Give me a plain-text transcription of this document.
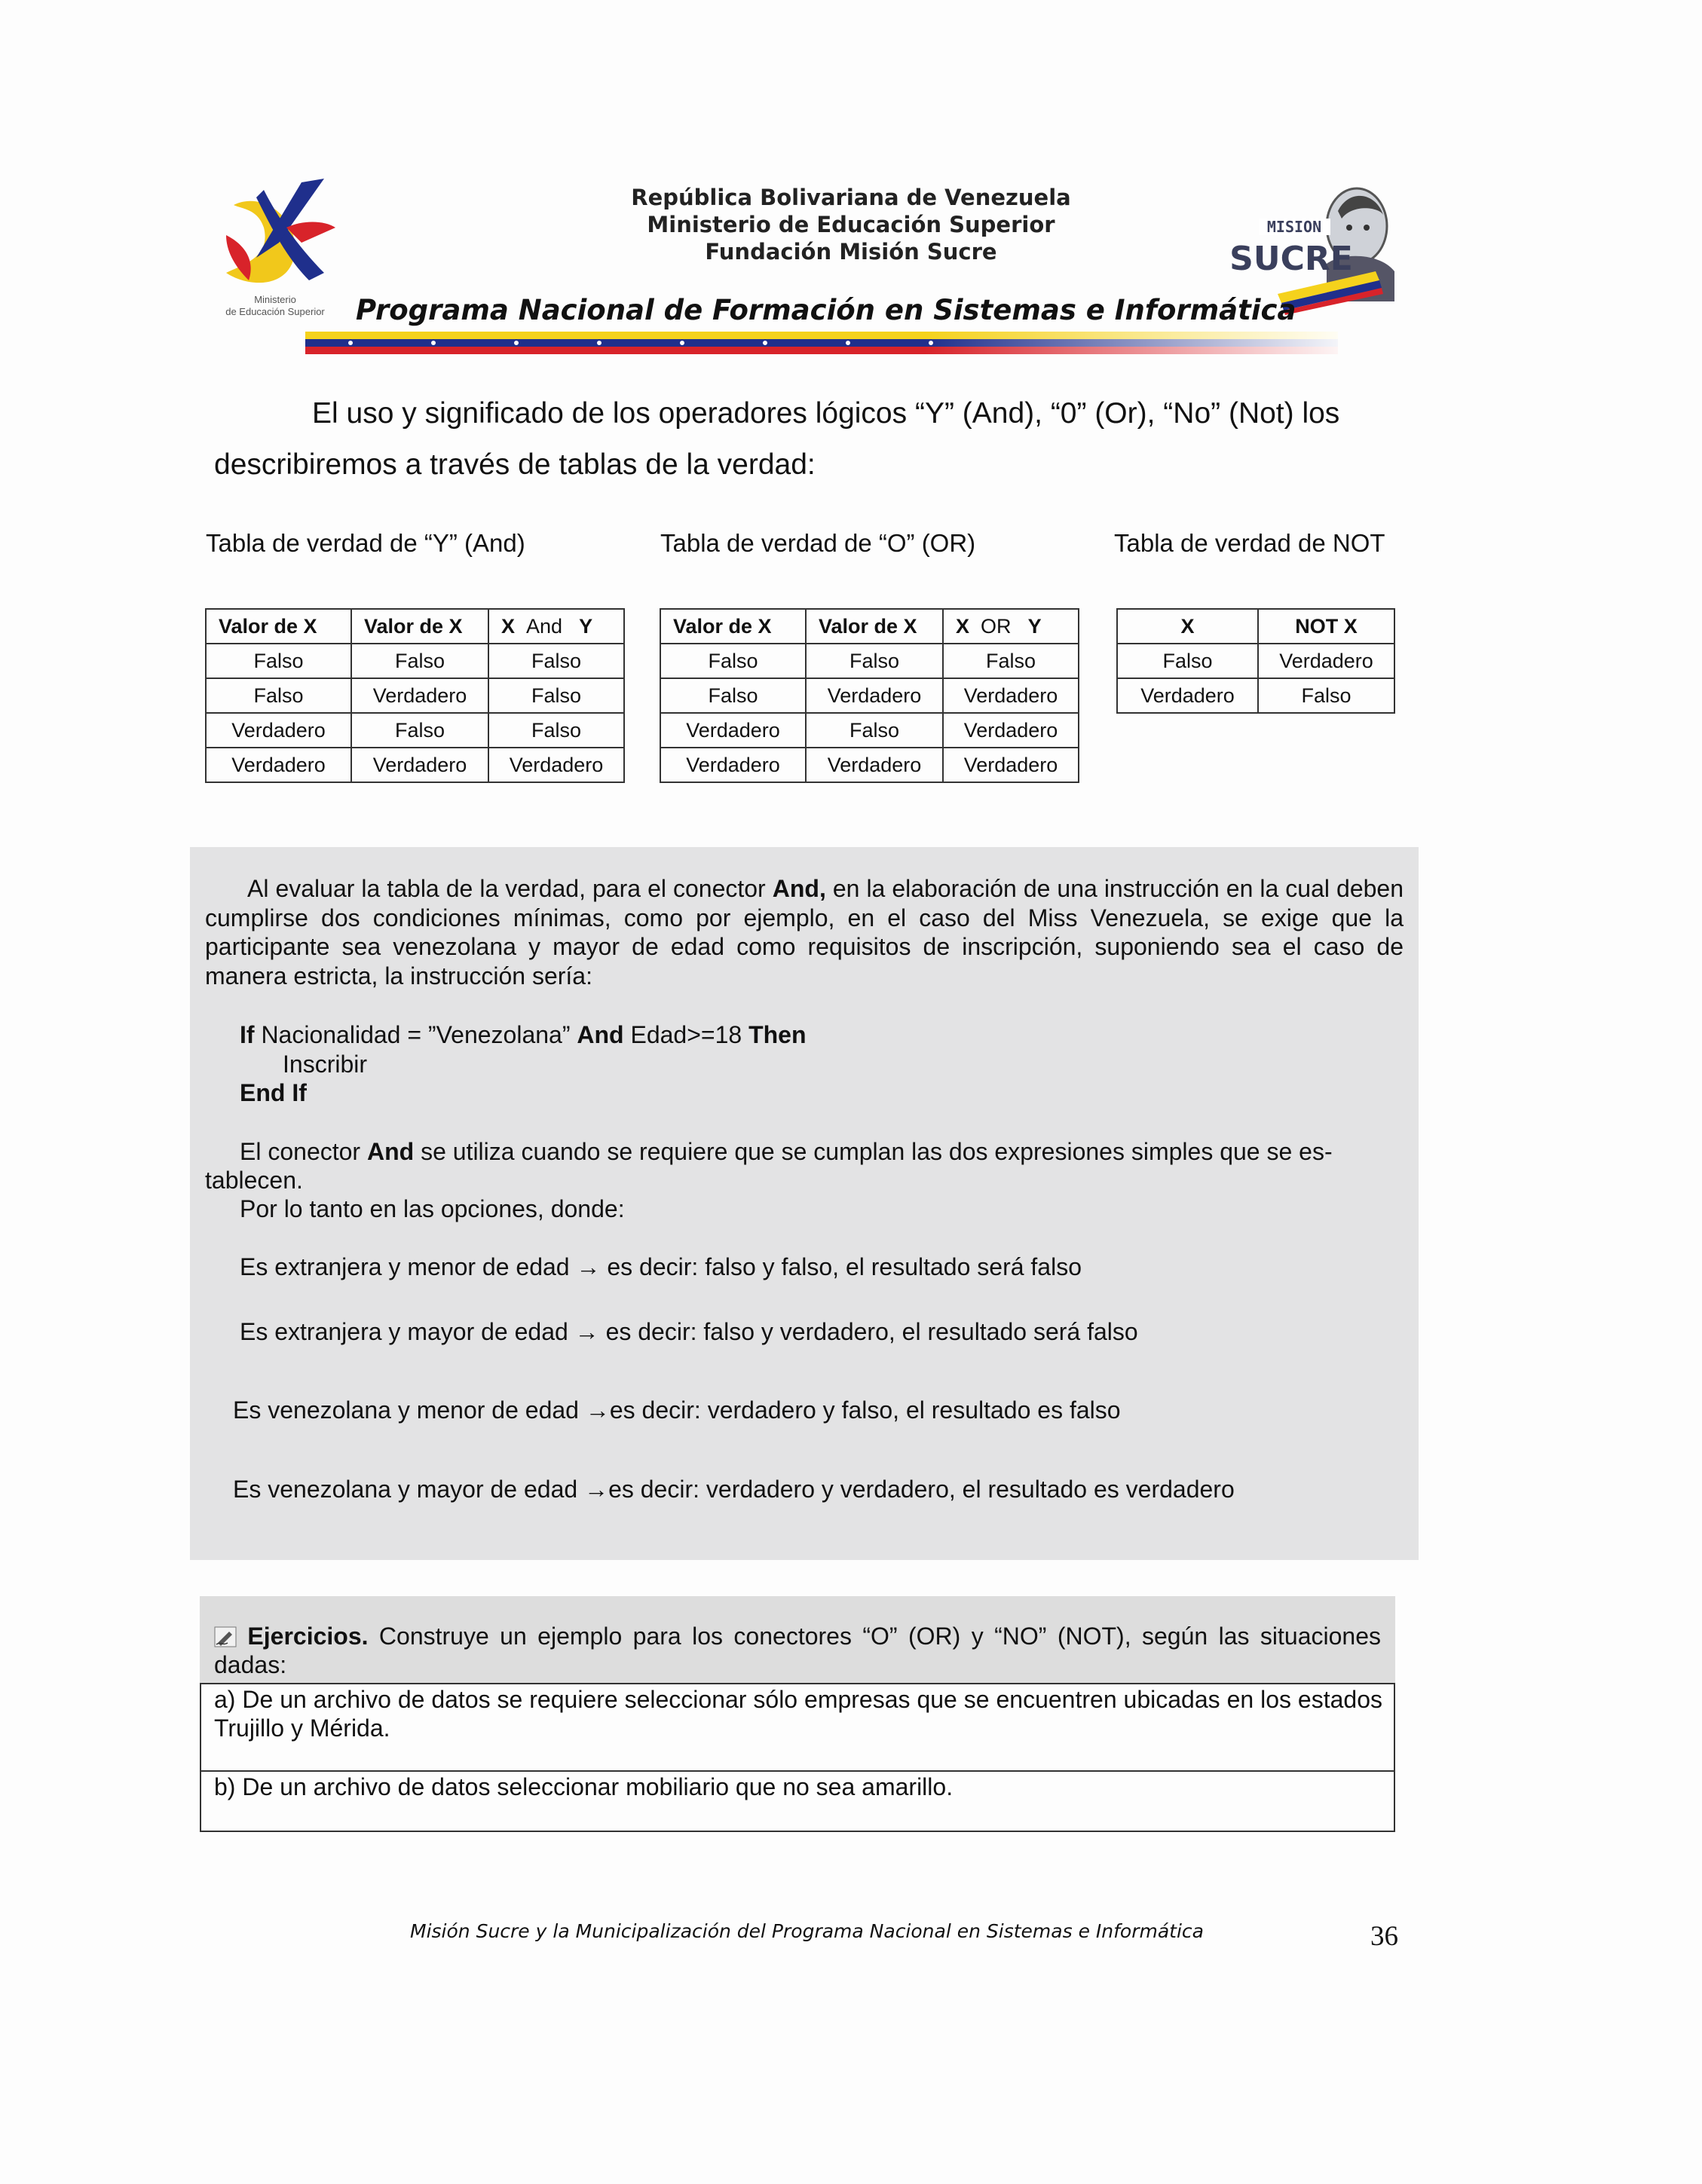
Ministerio
de Educación Superior
República Bolivariana de Venezuela
Ministerio de Educación Superior
Fundación Misión Sucre
MISION
SUCRE
Programa Nacional de Formación en Sistemas e Informática
El uso y significado de los operadores lógicos “Y” (And), “0” (Or), “No” (Not) los
describiremos a través de tablas de la verdad:
Tabla de verdad de “Y” (And)	Tabla de verdad de “O” (OR)	Tabla de verdad de NOT
Valor de X	Valor de X	X And Y
Falso	Falso	Falso
Falso	Verdadero	Falso
Verdadero	Falso	Falso
Verdadero	Verdadero	Verdadero
Valor de X	Valor de X	X OR Y
Falso	Falso	Falso
Falso	Verdadero	Verdadero
Verdadero	Falso	Verdadero
Verdadero	Verdadero	Verdadero
X	NOT X
Falso	Verdadero
Verdadero	Falso
Al evaluar la tabla de la verdad, para el conector And, en la elaboración de una instrucción en la cual deben cumplirse dos condiciones mínimas, como por ejemplo, en el caso del Miss Venezuela, se exige que la participante sea venezolana y mayor de edad como requisitos de inscripción, suponiendo sea el caso de manera estricta, la instrucción sería:
If Nacionalidad = ”Venezolana” And Edad>=18 Then
Inscribir
End If
El conector And se utiliza cuando se requiere que se cumplan las dos expresiones simples que se es-
tablecen.
Por lo tanto en las opciones, donde:
Es extranjera y menor de edad → es decir: falso y falso, el resultado será falso
Es extranjera y mayor de edad → es decir: falso y verdadero, el resultado será falso
Es venezolana y menor de edad →es decir: verdadero y falso, el resultado es falso
Es venezolana y mayor de edad →es decir: verdadero y verdadero, el resultado es verdadero
Ejercicios. Construye un ejemplo para los conectores “O” (OR) y “NO” (NOT), según las situaciones dadas:
a) De un archivo de datos se requiere seleccionar sólo empresas que se encuentren ubicadas en los estados Trujillo y Mérida.
b) De un archivo de datos seleccionar mobiliario que no sea amarillo.
Misión Sucre y la Municipalización del Programa Nacional en Sistemas e Informática	36
